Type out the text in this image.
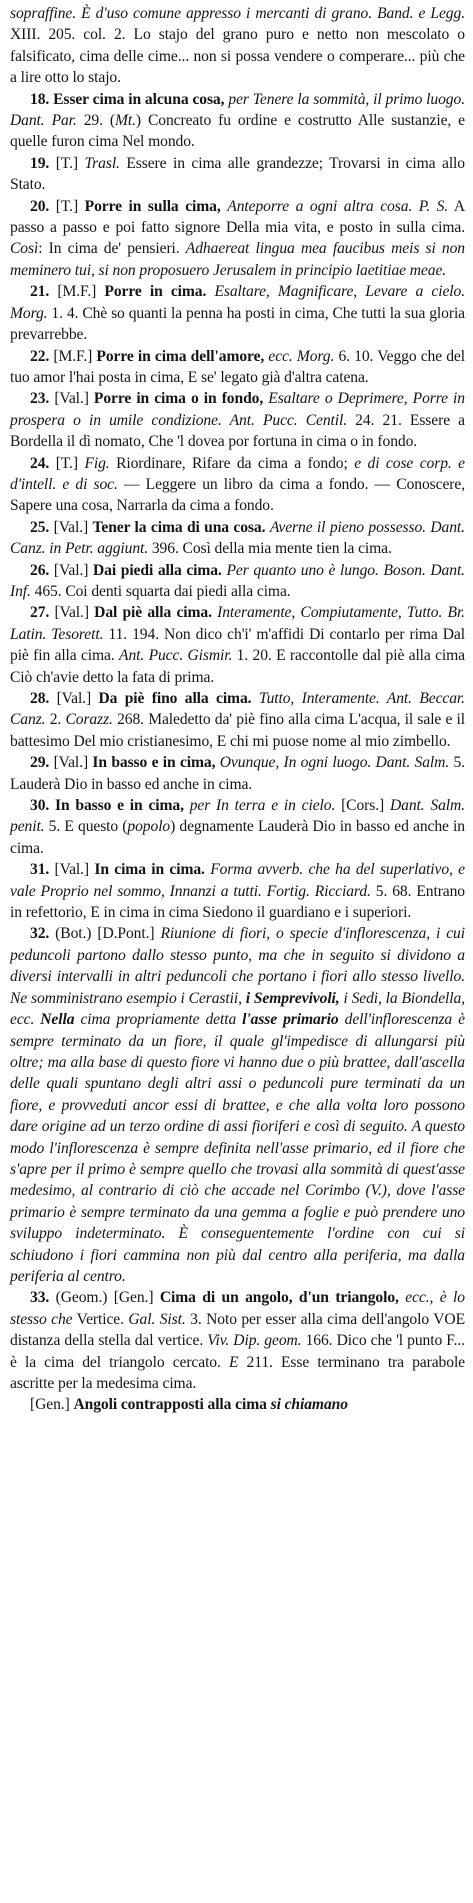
sopraffine. È d'uso comune appresso i mercanti di grano. Band. e Legg. XIII. 205. col. 2. Lo stajo del grano puro e netto non mescolato o falsificato, cima delle cime... non si possa vendere o comperare... più che a lire otto lo stajo.

18. Esser cima in alcuna cosa, per Tenere la sommità, il primo luogo. Dant. Par. 29. (Mt.) Concreato fu ordine e costrutto Alle sustanzie, e quelle furon cima Nel mondo.

19. [T.] Trasl. Essere in cima alle grandezze; Trovarsi in cima allo Stato.

20. [T.] Porre in sulla cima, Anteporre a ogni altra cosa. P. S. A passo a passo e poi fatto signore Della mia vita, e posto in sulla cima. Così: In cima de' pensieri. Adhaereat lingua mea faucibus meis si non meminero tui, si non proposuero Jerusalem in principio laetitiae meae.

21. [M.F.] Porre in cima. Esaltare, Magnificare, Levare a cielo. Morg. 1. 4. Chè so quanti la penna ha posti in cima, Che tutti la sua gloria prevarrebbe.

22. [M.F.] Porre in cima dell'amore, ecc. Morg. 6. 10. Veggo che del tuo amor l'hai posta in cima, E se' legato già d'altra catena.

23. [Val.] Porre in cima o in fondo, Esaltare o Deprimere, Porre in prospera o in umile condizione. Ant. Pucc. Centil. 24. 21. Essere a Bordella il dì nomato, Che 'l dovea por fortuna in cima o in fondo.

24. [T.] Fig. Riordinare, Rifare da cima a fondo; e di cose corp. e d'intell. e di soc. — Leggere un libro da cima a fondo. — Conoscere, Sapere una cosa, Narrarla da cima a fondo.

25. [Val.] Tener la cima di una cosa. Averne il pieno possesso. Dant. Canz. in Petr. aggiunt. 396. Così della mia mente tien la cima.

26. [Val.] Dai piedi alla cima. Per quanto uno è lungo. Boson. Dant. Inf. 465. Coi denti squarta dai piedi alla cima.

27. [Val.] Dal piè alla cima. Interamente, Compiutamente, Tutto. Br. Latin. Tesorett. 11. 194. Non dico ch'i' m'affidi Di contarlo per rima Dal piè fin alla cima. Ant. Pucc. Gismir. 1. 20. E raccontolle dal piè alla cima Ciò ch'avie detto la fata di prima.

28. [Val.] Da piè fino alla cima. Tutto, Interamente. Ant. Beccar. Canz. 2. Corazz. 268. Maledetto da' piè fino alla cima L'acqua, il sale e il battesimo Del mio cristianesimo, E chi mi puose nome al mio zimbello.

29. [Val.] In basso e in cima, Ovunque, In ogni luogo. Dant. Salm. 5. Lauderà Dio in basso ed anche in cima.

30. In basso e in cima, per In terra e in cielo. [Cors.] Dant. Salm. penit. 5. E questo (popolo) degnamente Lauderà Dio in basso ed anche in cima.

31. [Val.] In cima in cima. Forma avverb. che ha del superlativo, e vale Proprio nel sommo, Innanzi a tutti. Fortig. Ricciard. 5. 68. Entrano in refettorio, E in cima in cima Siedono il guardiano e i superiori.

32. (Bot.) [D.Pont.] Riunione di fiori, o specie d'inflorescenza, i cui peduncoli partono dallo stesso punto, ma che in seguito si dividono a diversi intervalli in altri peduncoli che portano i fiori allo stesso livello. Ne somministrano esempio i Cerastii, i Semprevivoli, i Sedi, la Biondella, ecc. Nella cima propriamente detta l'asse primario dell'inflorescenza è sempre terminato da un fiore, il quale gl'impedisce di allungarsi più oltre; ma alla base di questo fiore vi hanno due o più brattee, dall'ascella delle quali spuntano degli altri assi o peduncoli pure terminati da un fiore, e provveduti ancor essi di brattee, e che alla volta loro possono dare origine ad un terzo ordine di assi fioriferi e così di seguito. A questo modo l'inflorescenza è sempre definita nell'asse primario, ed il fiore che s'apre per il primo è sempre quello che trovasi alla sommità di quest'asse medesimo, al contrario di ciò che accade nel Corimbo (V.), dove l'asse primario è sempre terminato da una gemma a foglie e può prendere uno sviluppo indeterminato. È conseguentemente l'ordine con cui si schiudono i fiori cammina non più dal centro alla periferia, ma dalla periferia al centro.

33. (Geom.) [Gen.] Cima di un angolo, d'un triangolo, ecc., è lo stesso che Vertice. Gal. Sist. 3. Noto per esser alla cima dell'angolo VOE distanza della stella dal vertice. Viv. Dip. geom. 166. Dico che 'l punto F... è la cima del triangolo cercato. E 211. Esse terminano tra parabole ascritte per la medesima cima.

[Gen.] Angoli contrapposti alla cima si chiamano
